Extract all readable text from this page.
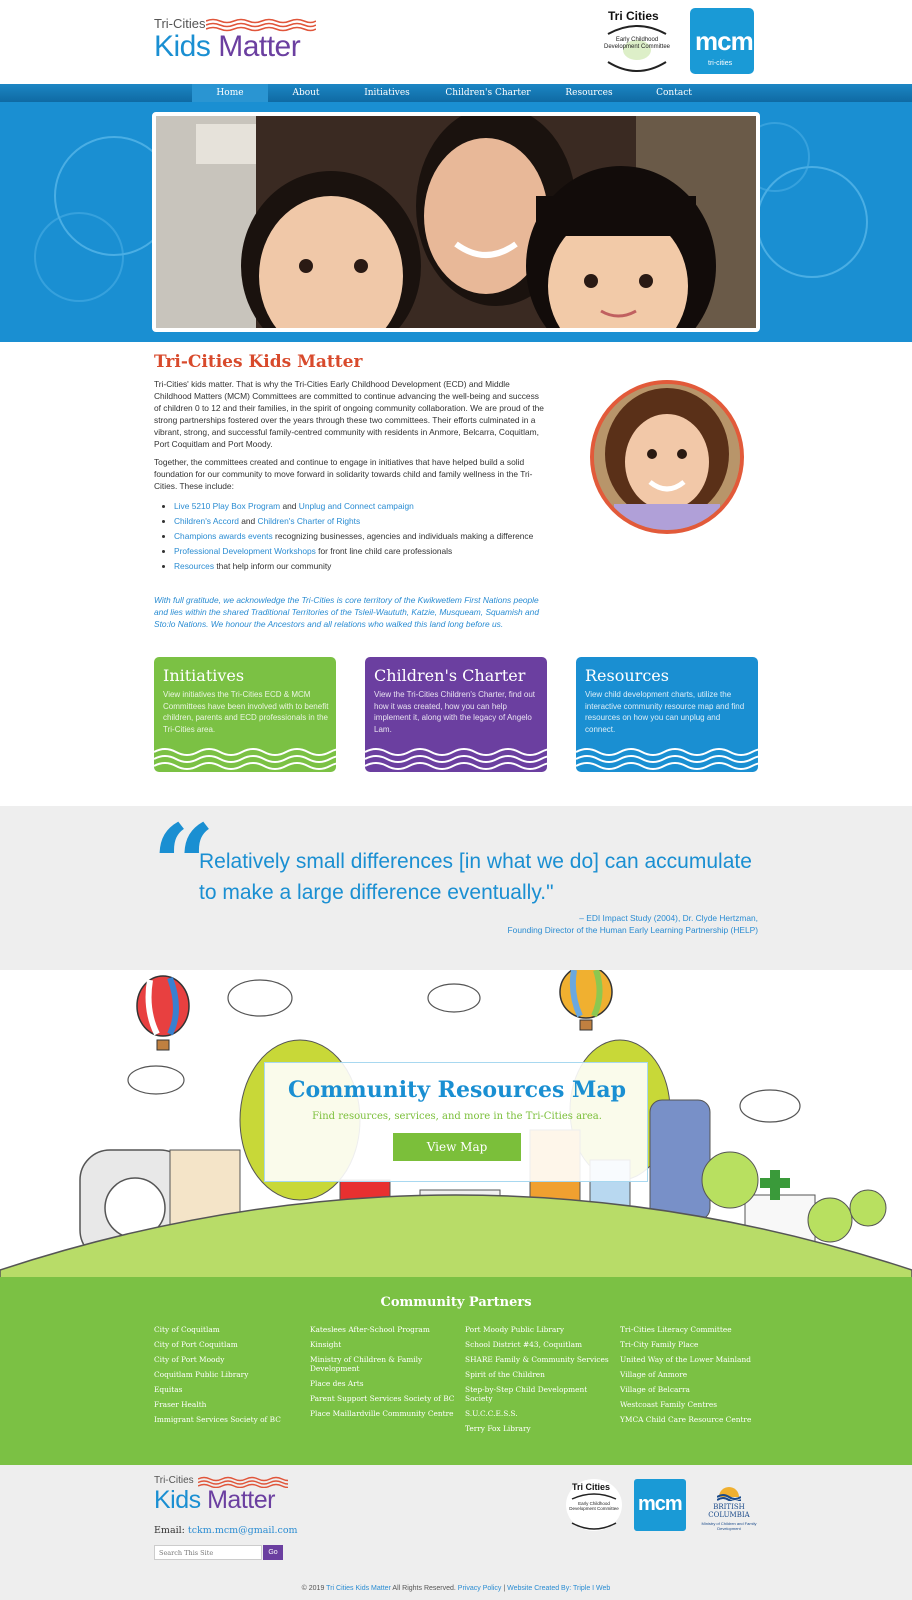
Tri-Cities
Kids Matter
Tri Cities
Early Childhood Development Committee mcm
tri-cities
Home	About	Initiatives	Children's Charter	Resources	Contact
Tri-Cities Kids Matter

Tri-Cities' kids matter. That is why the Tri-Cities Early Childhood Development (ECD) and Middle Childhood Matters (MCM) Committees are committed to continue advancing the well-being and success of children 0 to 12 and their families, in the spirit of ongoing community collaboration. We are proud of the strong partnerships fostered over the years through these two committees. Their efforts culminated in a vibrant, strong, and successful family-centred community with residents in Anmore, Belcarra, Coquitlam, Port Coquitlam and Port Moody.

Together, the committees created and continue to engage in initiatives that have helped build a solid foundation for our community to move forward in solidarity towards child and family wellness in the Tri-Cities. These include:

• Live 5210 Play Box Program and Unplug and Connect campaign
• Children's Accord and Children's Charter of Rights
• Champions awards events recognizing businesses, agencies and individuals making a difference
• Professional Development Workshops for front line child care professionals
• Resources that help inform our community

With full gratitude, we acknowledge the Tri-Cities is core territory of the Kwikwetlem First Nations people and lies within the shared Traditional Territories of the Tsleil-Waututh, Katzie, Musqueam, Squamish and Sto:lo Nations. We honour the Ancestors and all relations who walked this land long before us.

Initiatives

View initiatives the Tri-Cities ECD & MCM Committees have been involved with to benefit children, parents and ECD professionals in the Tri-Cities area.

Children's Charter

View the Tri-Cities Children's Charter, find out how it was created, how you can help implement it, along with the legacy of Angelo Lam.

Resources

View child development charts, utilize the interactive community resource map and find resources on how you can unplug and connect.

“

Relatively small differences [in what we do] can accumulate to make a large difference eventually."

– EDI Impact Study (2004), Dr. Clyde Hertzman,
Founding Director of the Human Early Learning Partnership (HELP)
Community Resources Map

Find resources, services, and more in the Tri-Cities area.

View Map
Community Partners
City of Coquitlam
City of Port Coquitlam
City of Port Moody
Coquitlam Public Library
Equitas
Fraser Health
Immigrant Services Society of BC
Kateslees After-School Program
Kinsight
Ministry of Children & Family Development
Place des Arts
Parent Support Services Society of BC
Place Maillardville Community Centre
Port Moody Public Library
School District #43, Coquitlam
SHARE Family & Community Services
Spirit of the Children
Step-by-Step Child Development Society
S.U.C.C.E.S.S.
Terry Fox Library
Tri-Cities Literacy Committee
Tri-City Family Place
United Way of the Lower Mainland
Village of Anmore
Village of Belcarra
Westcoast Family Centres
YMCA Child Care Resource Centre
Tri-Cities
Kids Matter
Email: tckm.mcm@gmail.com
Search This Site
Go
Tri Cities
Early Childhood Development Committee mcm	BRITISH COLUMBIA
Ministry of Children and Family Development
© 2019 Tri Cities Kids Matter All Rights Reserved. Privacy Policy | Website Created By: Triple I Web
